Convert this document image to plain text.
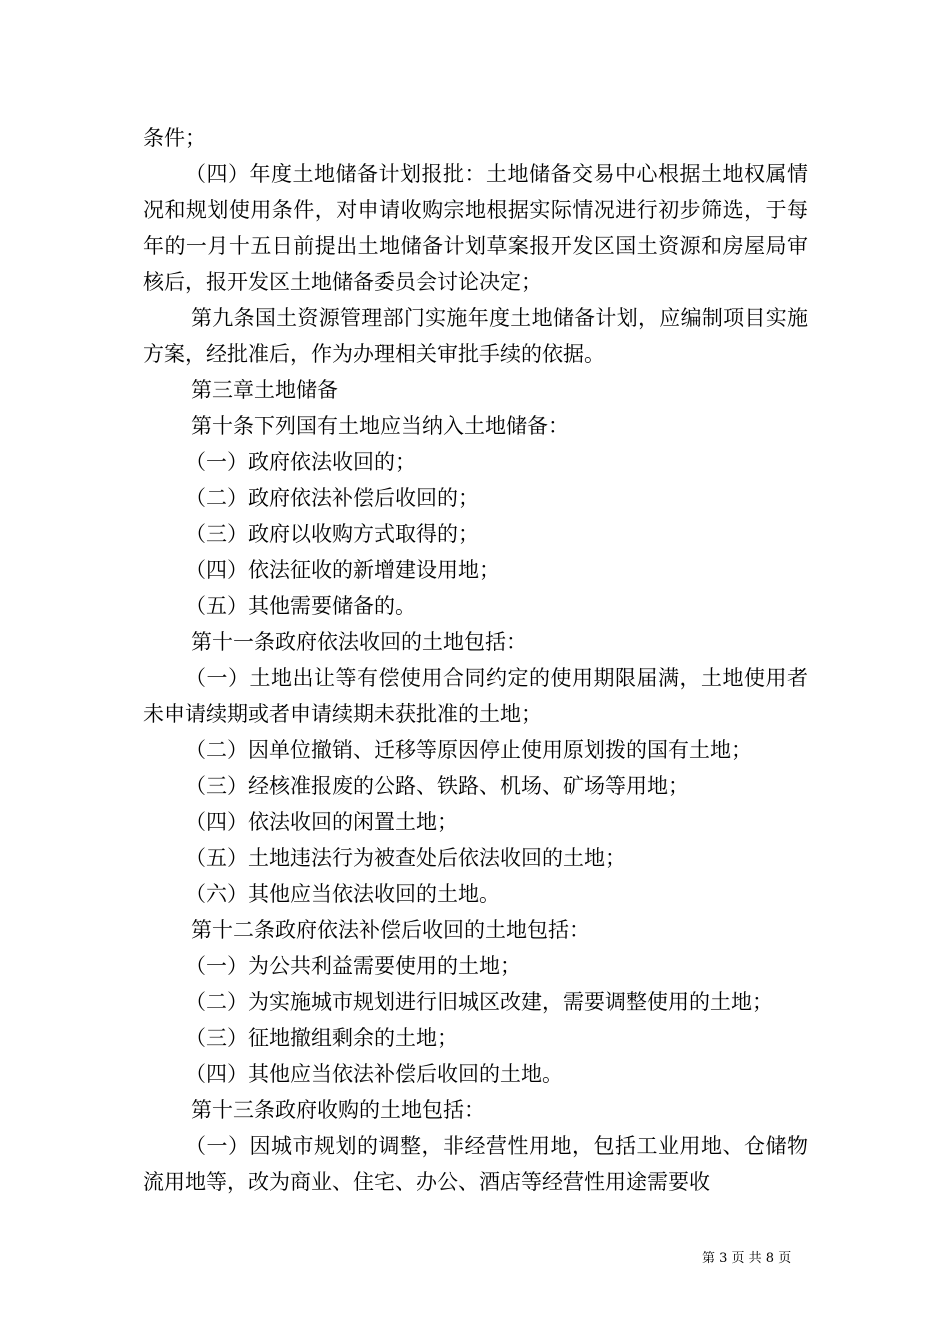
条件；

（四）年度土地储备计划报批：土地储备交易中心根据土地权属情况和规划使用条件，对申请收购宗地根据实际情况进行初步筛选，于每年的一月十五日前提出土地储备计划草案报开发区国土资源和房屋局审核后，报开发区土地储备委员会讨论决定；

第九条国土资源管理部门实施年度土地储备计划，应编制项目实施方案，经批准后，作为办理相关审批手续的依据。

第三章土地储备

第十条下列国有土地应当纳入土地储备：

（一）政府依法收回的；

（二）政府依法补偿后收回的；

（三）政府以收购方式取得的；

（四）依法征收的新增建设用地；

（五）其他需要储备的。

第十一条政府依法收回的土地包括：

（一）土地出让等有偿使用合同约定的使用期限届满，土地使用者未申请续期或者申请续期未获批准的土地；

（二）因单位撤销、迁移等原因停止使用原划拨的国有土地；

（三）经核准报废的公路、铁路、机场、矿场等用地；

（四）依法收回的闲置土地；

（五）土地违法行为被查处后依法收回的土地；

（六）其他应当依法收回的土地。

第十二条政府依法补偿后收回的土地包括：

（一）为公共利益需要使用的土地；

（二）为实施城市规划进行旧城区改建，需要调整使用的土地；

（三）征地撤组剩余的土地；

（四）其他应当依法补偿后收回的土地。

第十三条政府收购的土地包括：

（一）因城市规划的调整，非经营性用地，包括工业用地、仓储物流用地等，改为商业、住宅、办公、酒店等经营性用途需要收

第 3 页 共 8 页
